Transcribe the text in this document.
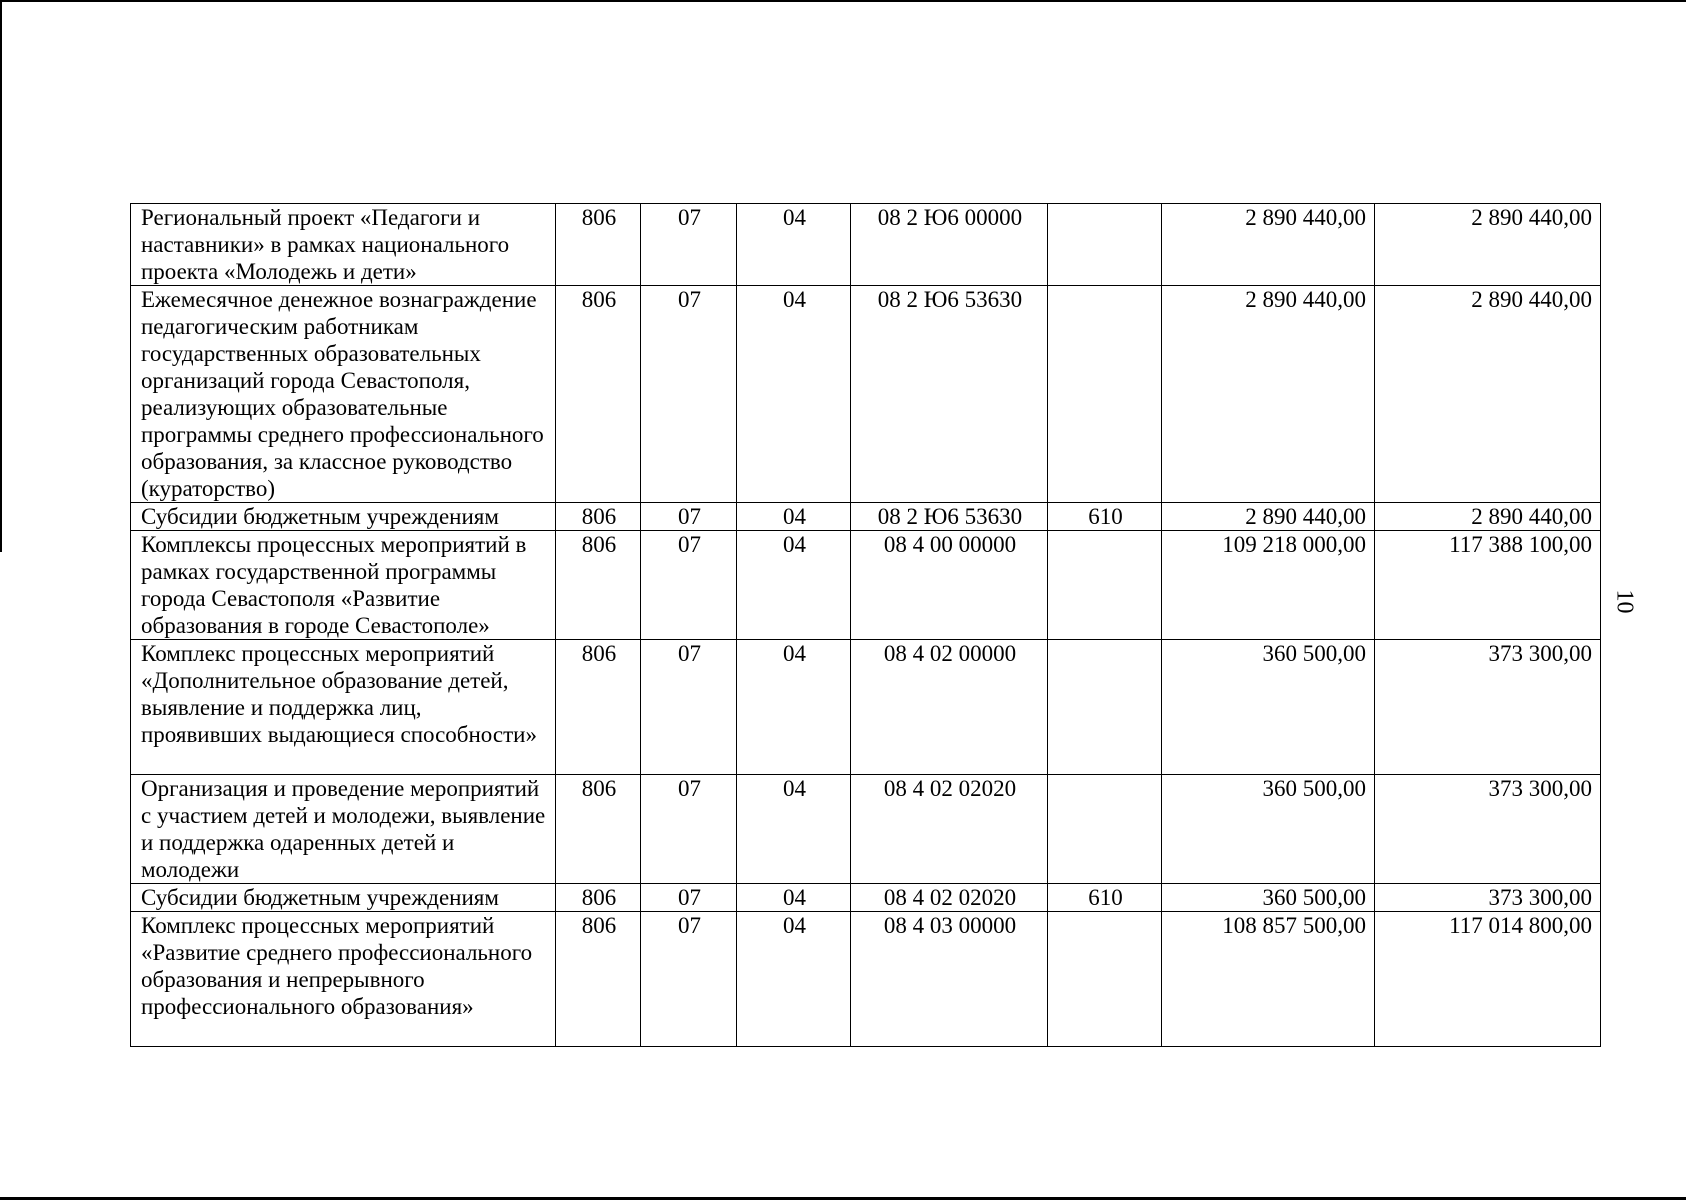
Региональный проект «Педагоги и наставники» в рамках национального проекта «Молодежь и дети»	806	07	04	08 2 Ю6 00000		2 890 440,00	2 890 440,00
Ежемесячное денежное вознаграждение педагогическим работникам государственных образовательных организаций города Севастополя, реализующих образовательные программы среднего профессионального образования, за классное руководство (кураторство)	806	07	04	08 2 Ю6 53630		2 890 440,00	2 890 440,00
Субсидии бюджетным учреждениям	806	07	04	08 2 Ю6 53630	610	2 890 440,00	2 890 440,00
Комплексы процессных мероприятий в рамках государственной программы города Севастополя «Развитие образования в городе Севастополе»	806	07	04	08 4 00 00000		109 218 000,00	117 388 100,00
Комплекс процессных мероприятий «Дополнительное образование детей, выявление и поддержка лиц, проявивших выдающиеся способности»	806	07	04	08 4 02 00000		360 500,00	373 300,00
Организация и проведение мероприятий с участием детей и молодежи, выявление и поддержка одаренных детей и молодежи	806	07	04	08 4 02 02020		360 500,00	373 300,00
Субсидии бюджетным учреждениям	806	07	04	08 4 02 02020	610	360 500,00	373 300,00
Комплекс процессных мероприятий «Развитие среднего профессионального образования и непрерывного профессионального образования»	806	07	04	08 4 03 00000		108 857 500,00	117 014 800,00
10
